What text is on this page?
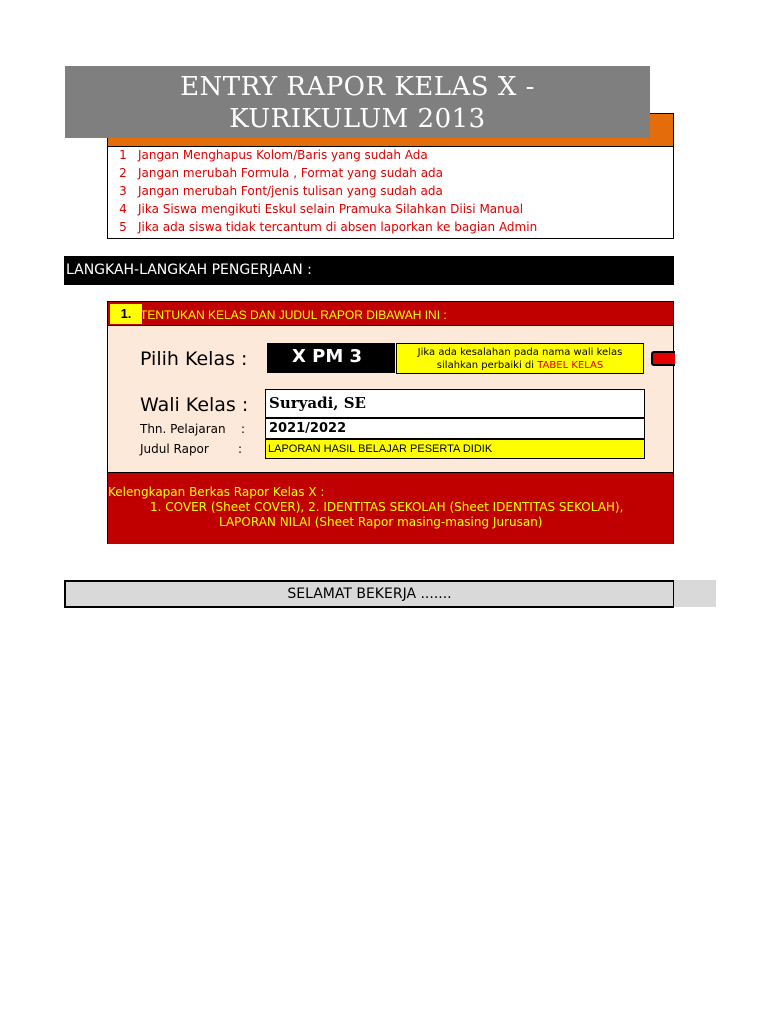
1 Jangan Menghapus Kolom/Baris yang sudah Ada
2 Jangan merubah Formula , Format yang sudah ada
3 Jangan merubah Font/jenis tulisan yang sudah ada
4 Jika Siswa mengikuti Eskul selain Pramuka Silahkan Diisi Manual
5 Jika ada siswa tidak tercantum di absen laporkan ke bagian Admin
ENTRY RAPOR KELAS X -
KURIKULUM 2013
LANGKAH-LANGKAH PENGERJAAN :
1. TENTUKAN KELAS DAN JUDUL RAPOR DIBAWAH INI :
Pilih Kelas :	X PM 3	Jika ada kesalahan pada nama wali kelas
silahkan perbaiki di TABEL KELAS
Wali Kelas : Suryadi, SE
Thn. Pelajaran :	2021/2022
Judul Rapor : LAPORAN HASIL BELAJAR PESERTA DIDIK
Kelengkapan Berkas Rapor Kelas X :
1. COVER (Sheet COVER), 2. IDENTITAS SEKOLAH (Sheet IDENTITAS SEKOLAH),
LAPORAN NILAI (Sheet Rapor masing-masing Jurusan)
SELAMAT BEKERJA .......
